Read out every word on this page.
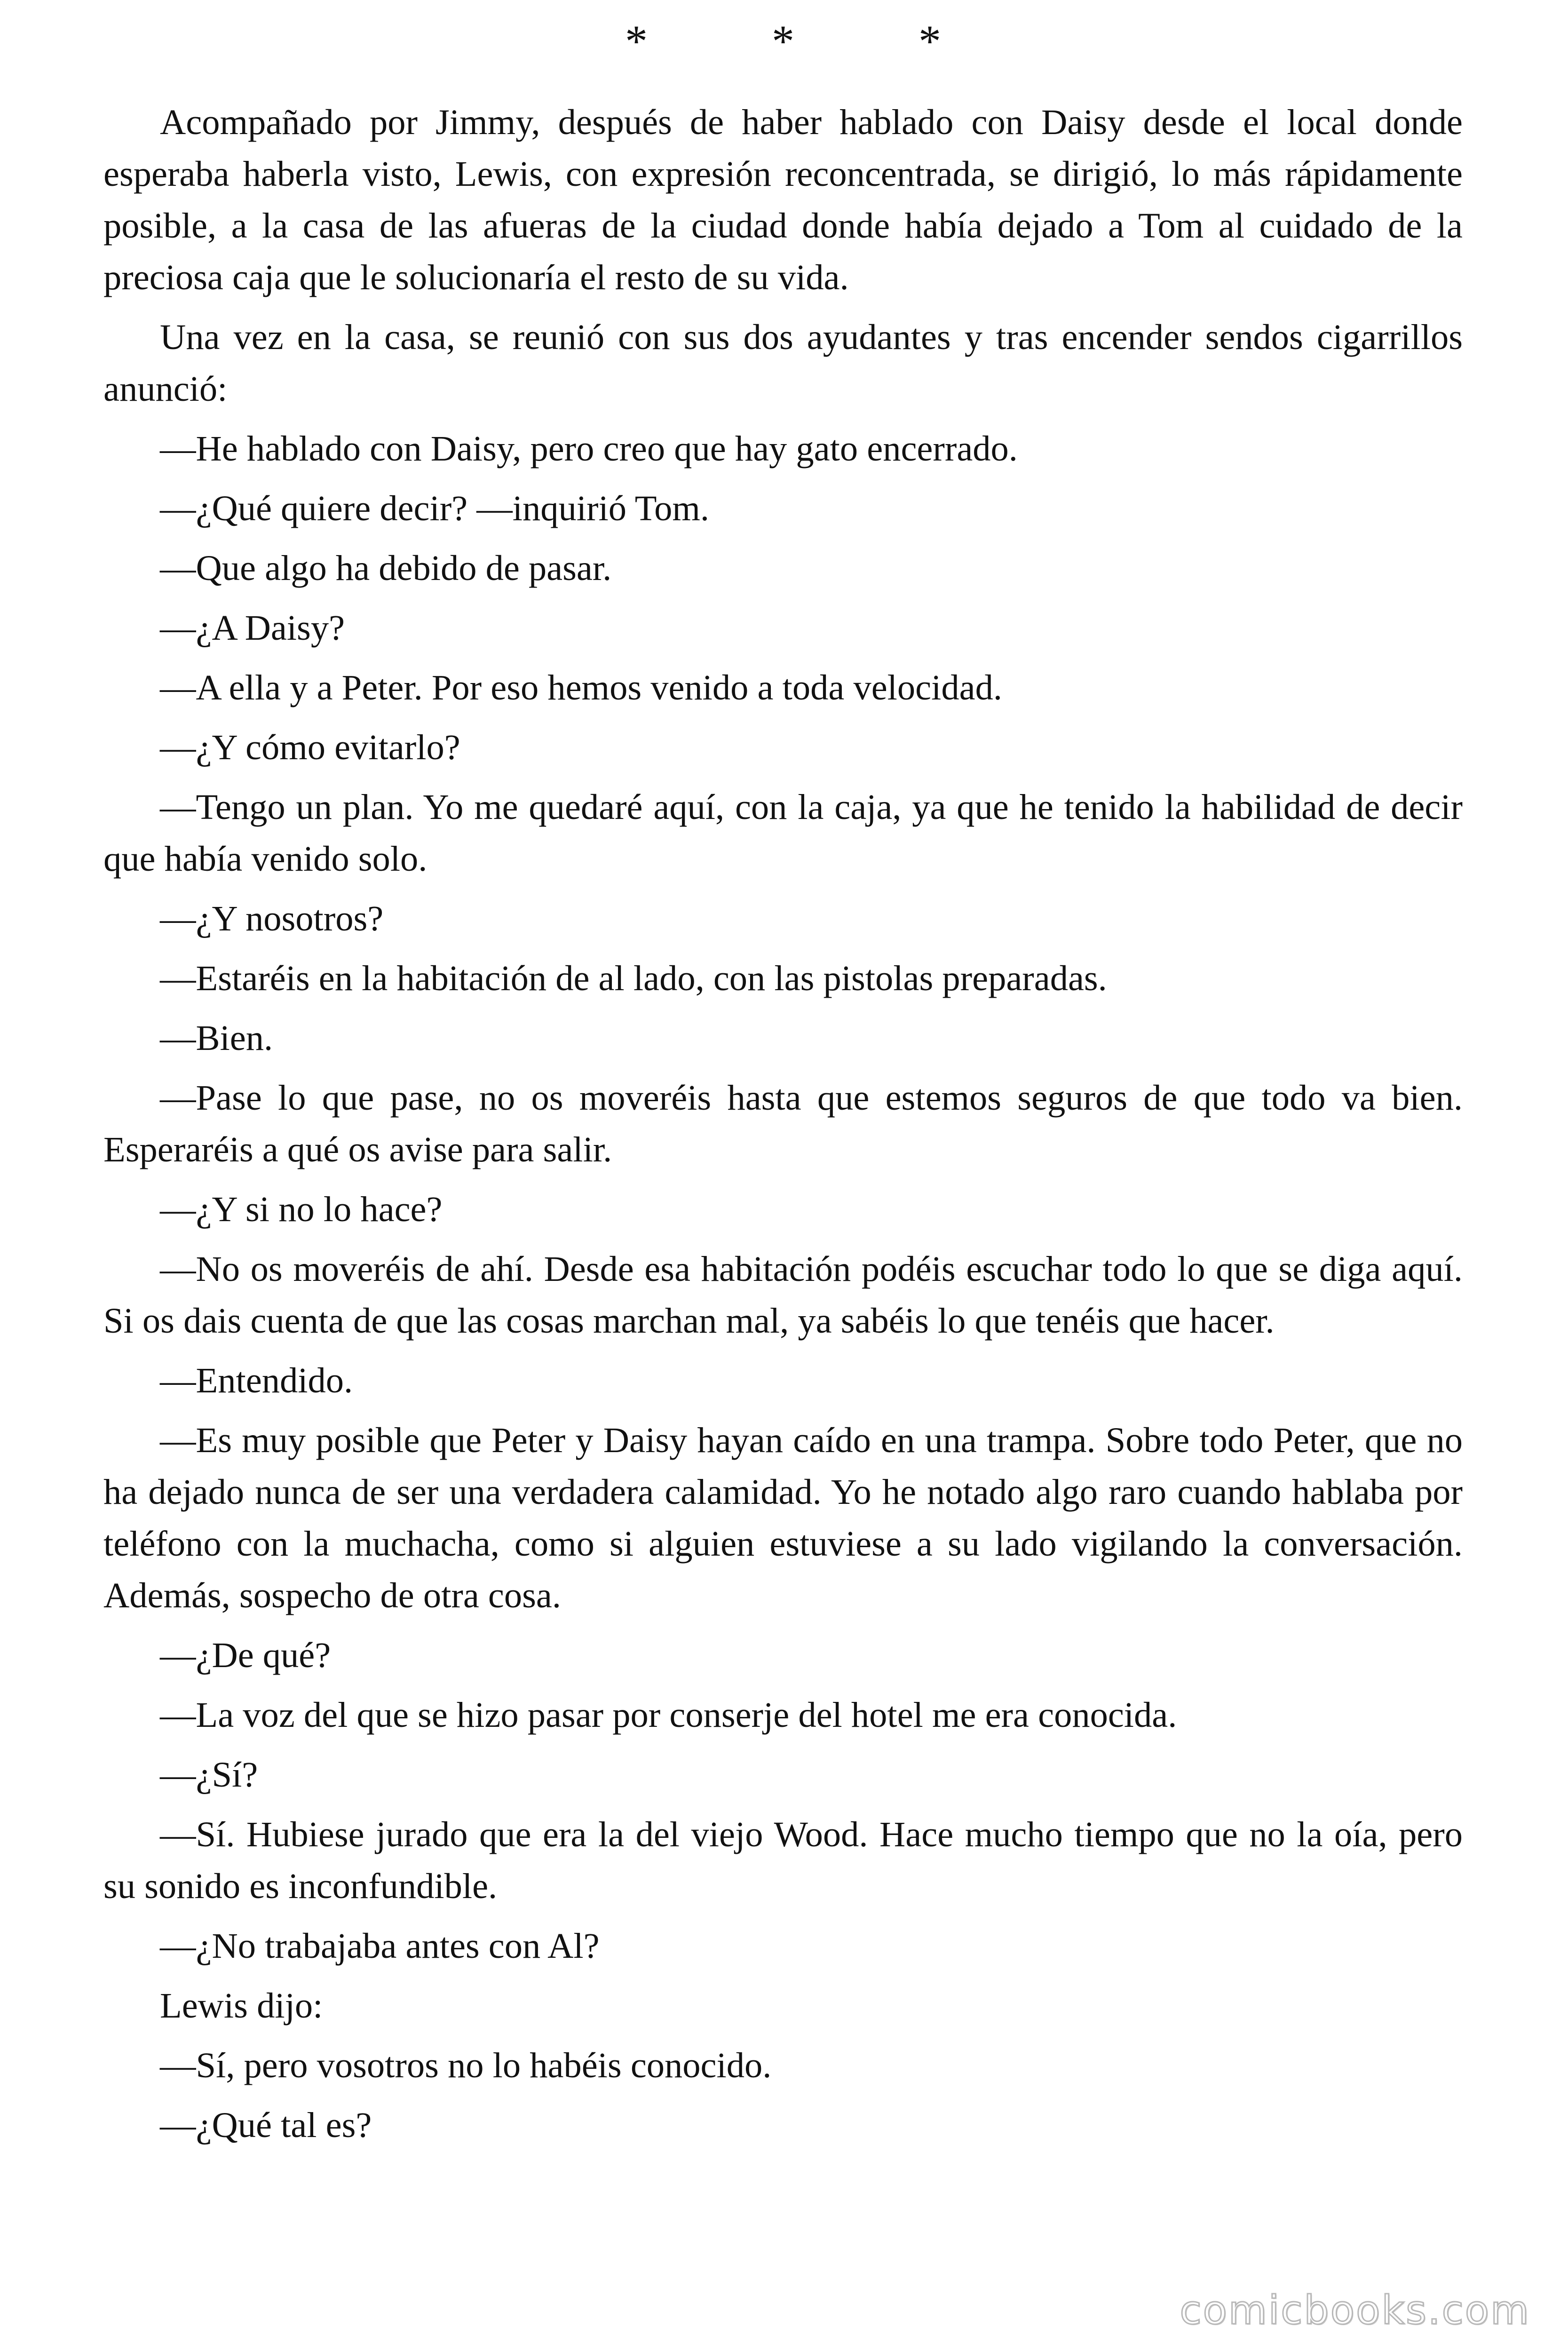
* * *

Acompañado por Jimmy, después de haber hablado con Daisy desde el local donde esperaba haberla visto, Lewis, con expresión reconcentrada, se dirigió, lo más rápidamente posible, a la casa de las afueras de la ciudad donde había dejado a Tom al cuidado de la preciosa caja que le solucionaría el resto de su vida.

Una vez en la casa, se reunió con sus dos ayudantes y tras encender sendos cigarrillos anunció:

—He hablado con Daisy, pero creo que hay gato encerrado.

—¿Qué quiere decir? —inquirió Tom.

—Que algo ha debido de pasar.

—¿A Daisy?

—A ella y a Peter. Por eso hemos venido a toda velocidad.

—¿Y cómo evitarlo?

—Tengo un plan. Yo me quedaré aquí, con la caja, ya que he tenido la habilidad de decir que había venido solo.

—¿Y nosotros?

—Estaréis en la habitación de al lado, con las pistolas preparadas.

—Bien.

—Pase lo que pase, no os moveréis hasta que estemos seguros de que todo va bien. Esperaréis a qué os avise para salir.

—¿Y si no lo hace?

—No os moveréis de ahí. Desde esa habitación podéis escuchar todo lo que se diga aquí. Si os dais cuenta de que las cosas marchan mal, ya sabéis lo que tenéis que hacer.

—Entendido.

—Es muy posible que Peter y Daisy hayan caído en una trampa. Sobre todo Peter, que no ha dejado nunca de ser una verdadera calamidad. Yo he notado algo raro cuando hablaba por teléfono con la muchacha, como si alguien estuviese a su lado vigilando la conversación. Además, sospecho de otra cosa.

—¿De qué?

—La voz del que se hizo pasar por conserje del hotel me era conocida.

—¿Sí?

—Sí. Hubiese jurado que era la del viejo Wood. Hace mucho tiempo que no la oía, pero su sonido es inconfundible.

—¿No trabajaba antes con Al?

Lewis dijo:

—Sí, pero vosotros no lo habéis conocido.

—¿Qué tal es?

comicbooks.com
